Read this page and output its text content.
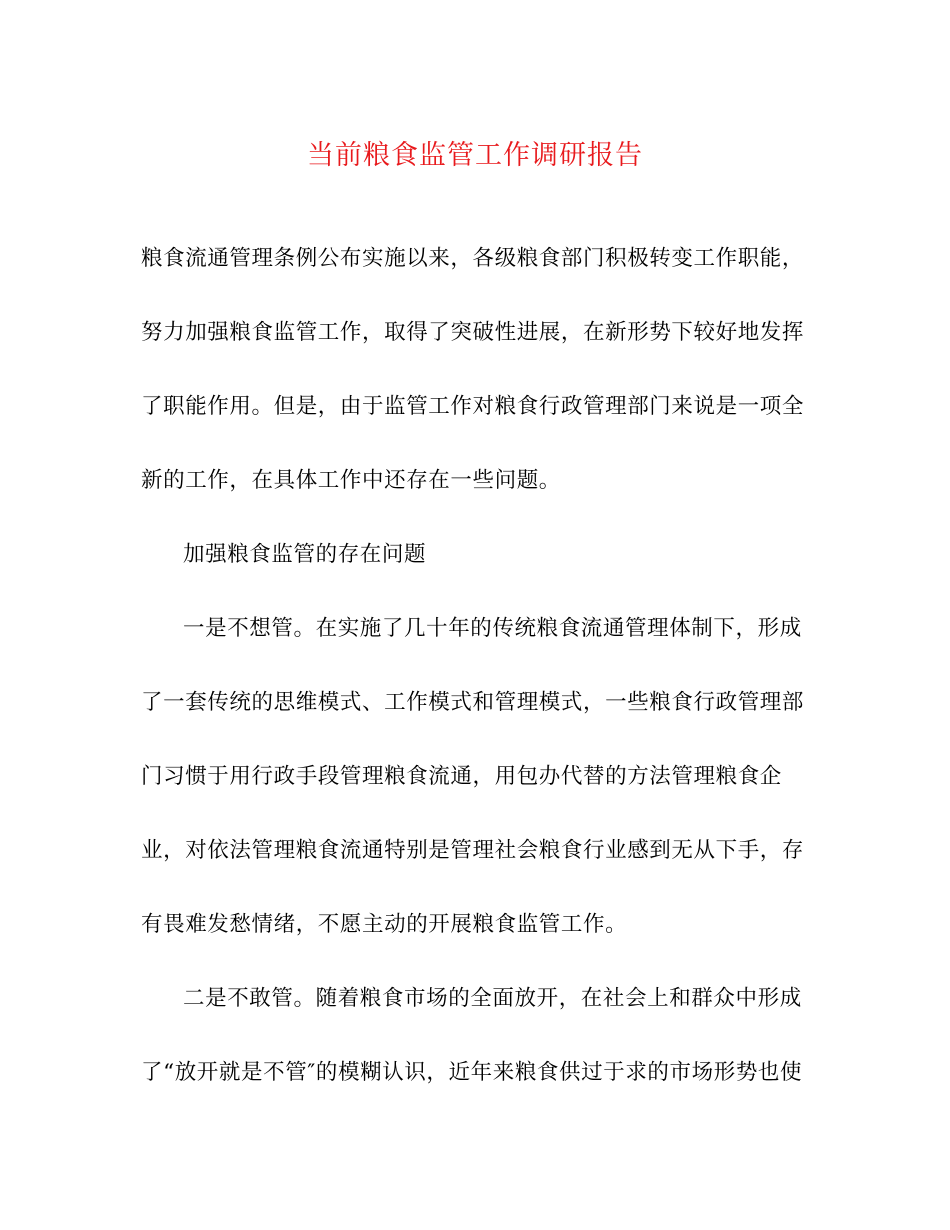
当前粮食监管工作调研报告
粮食流通管理条例公布实施以来，各级粮食部门积极转变工作职能，
努力加强粮食监管工作，取得了突破性进展，在新形势下较好地发挥
了职能作用。但是，由于监管工作对粮食行政管理部门来说是一项全
新的工作，在具体工作中还存在一些问题。
加强粮食监管的存在问题
一是不想管。在实施了几十年的传统粮食流通管理体制下，形成
了一套传统的思维模式、工作模式和管理模式，一些粮食行政管理部
门习惯于用行政手段管理粮食流通，用包办代替的方法管理粮食企
业，对依法管理粮食流通特别是管理社会粮食行业感到无从下手，存
有畏难发愁情绪，不愿主动的开展粮食监管工作。
二是不敢管。随着粮食市场的全面放开，在社会上和群众中形成
了“放开就是不管″的模糊认识，近年来粮食供过于求的市场形势也使
